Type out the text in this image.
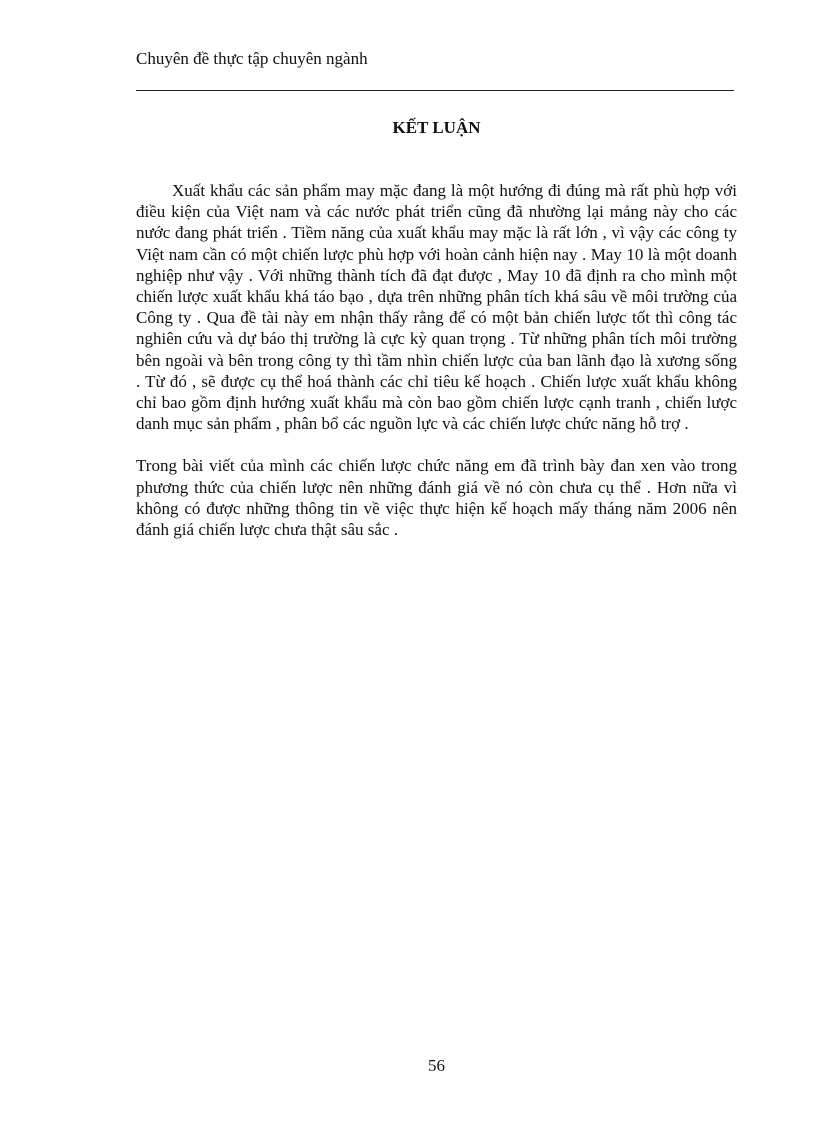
Chuyên đề thực tập chuyên ngành
KẾT LUẬN

Xuất khẩu các sản phẩm may mặc đang là một hướng đi đúng mà rất phù hợp với điều kiện của Việt nam và các nước phát triển cũng đã nhường lại mảng này cho các nước đang phát triển . Tiềm năng của xuất khẩu may mặc là rất lớn , vì vậy các công ty Việt nam cần có một chiến lược phù hợp với hoàn cảnh hiện nay . May 10 là một doanh nghiệp như vậy . Với những thành tích đã đạt được , May 10 đã định ra cho mình một chiến lược xuất khẩu khá táo bạo , dựa trên những phân tích khá sâu về môi trường của Công ty . Qua đề tài này em nhận thấy rằng để có một bản chiến lược tốt thì công tác nghiên cứu và dự báo thị trường là cực kỳ quan trọng . Từ những phân tích môi trường bên ngoài và bên trong công ty thì tầm nhìn chiến lược của ban lãnh đạo là xương sống . Từ đó , sẽ được cụ thể hoá thành các chỉ tiêu kế hoạch . Chiến lược xuất khẩu không chỉ bao gồm định hướng xuất khẩu mà còn bao gồm chiến lược cạnh tranh , chiến lược danh mục sản phẩm , phân bổ các nguồn lực và các chiến lược chức năng hỗ trợ .

Trong bài viết của mình các chiến lược chức năng em đã trình bày đan xen vào trong phương thức của chiến lược nên những đánh giá về nó còn chưa cụ thể . Hơn nữa vì không có được những thông tin về việc thực hiện kế hoạch mấy tháng năm 2006 nên đánh giá chiến lược chưa thật sâu sắc .

56
